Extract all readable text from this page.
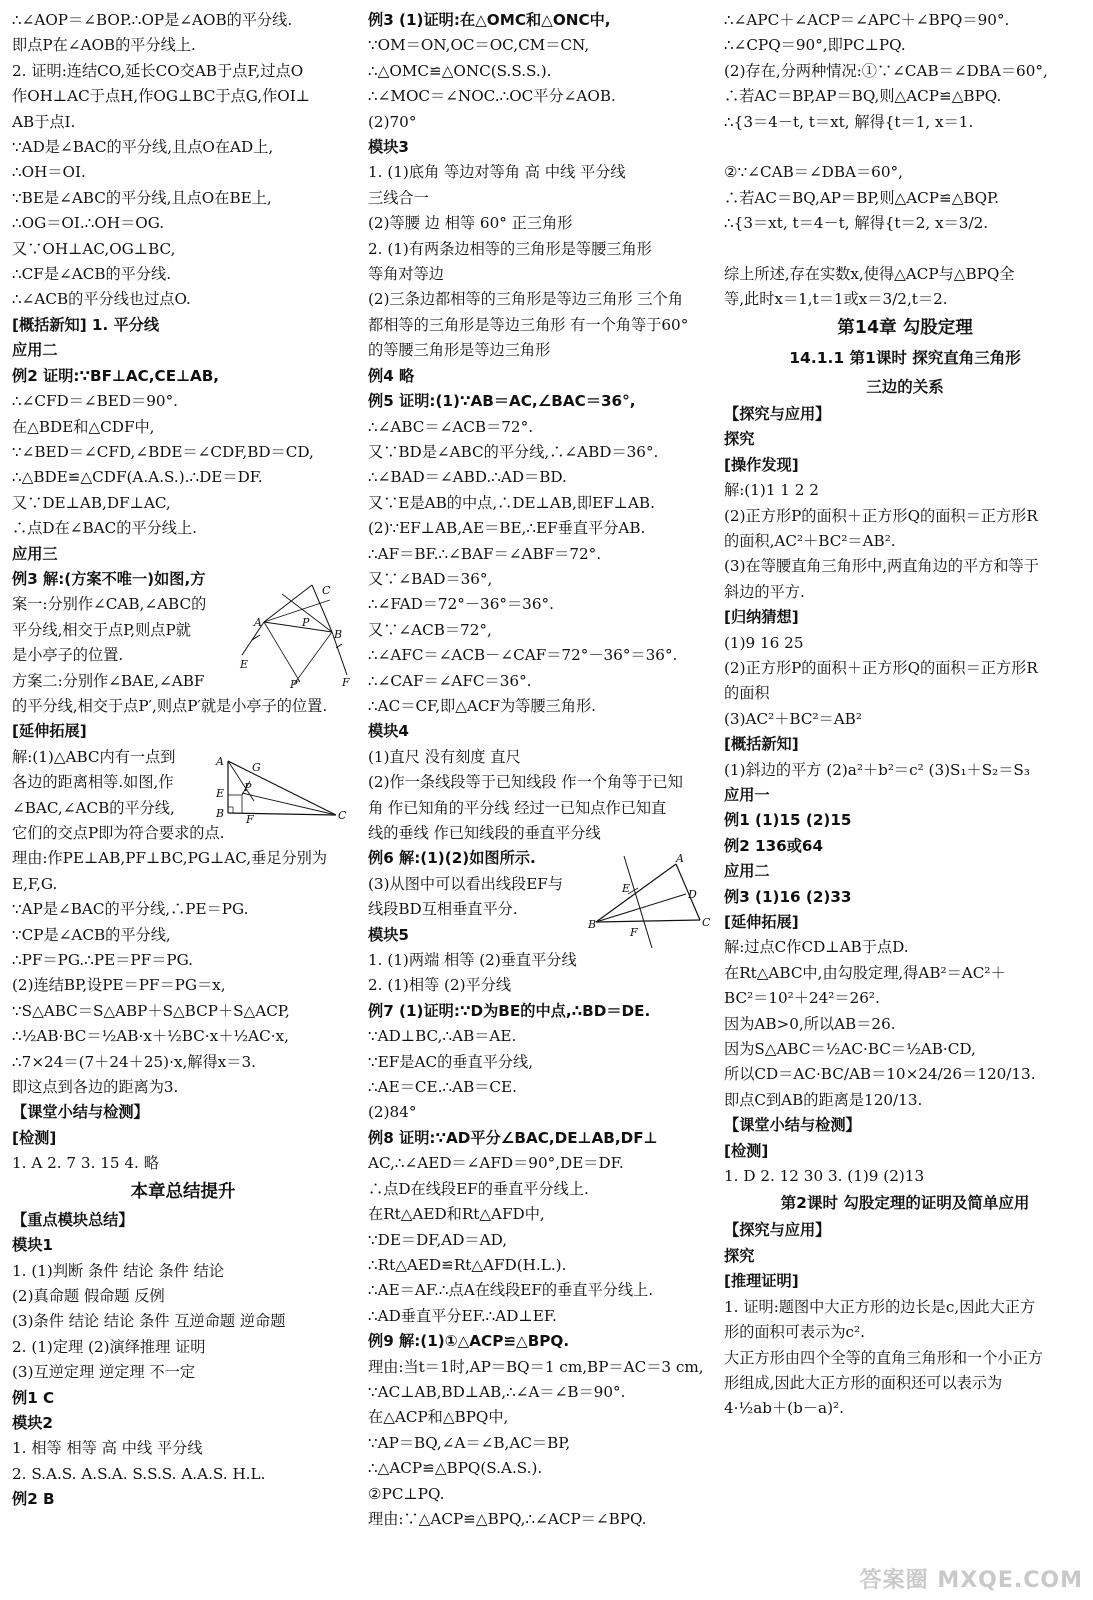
∴∠AOP＝∠BOP.∴OP是∠AOB的平分线.
即点P在∠AOB的平分线上.
2. 证明:连结CO,延长CO交AB于点F,过点O
作OH⊥AC于点H,作OG⊥BC于点G,作OI⊥
AB于点I.
∵AD是∠BAC的平分线,且点O在AD上,
∴OH＝OI.
∵BE是∠ABC的平分线,且点O在BE上,
∴OG＝OI.∴OH＝OG.
又∵OH⊥AC,OG⊥BC,
∴CF是∠ACB的平分线.
∴∠ACB的平分线也过点O.
[概括新知] 1. 平分线
应用二
例2 证明:∵BF⊥AC,CE⊥AB,
∴∠CFD＝∠BED＝90°.
在△BDE和△CDF中,
∵∠BED＝∠CFD,∠BDE＝∠CDF,BD＝CD,
∴△BDE≌△CDF(A.A.S.).∴DE＝DF.
又∵DE⊥AB,DF⊥AC,
∴点D在∠BAC的平分线上.
应用三
例3 解:(方案不唯一)如图,方
案一:分别作∠CAB,∠ABC的
平分线,相交于点P,则点P就
是小亭子的位置.
方案二:分别作∠BAE,∠ABF
的平分线,相交于点P′,则点P′就是小亭子的位置.
[延伸拓展]
解:(1)△ABC内有一点到
各边的距离相等.如图,作
∠BAC,∠ACB的平分线,
它们的交点P即为符合要求的点.
理由:作PE⊥AB,PF⊥BC,PG⊥AC,垂足分别为
E,F,G.
∵AP是∠BAC的平分线,∴PE＝PG.
∵CP是∠ACB的平分线,
∴PF＝PG.∴PE＝PF＝PG.
(2)连结BP,设PE＝PF＝PG＝x,
∵S△ABC＝S△ABP＋S△BCP＋S△ACP,
∴½AB·BC＝½AB·x＋½BC·x＋½AC·x,
∴7×24＝(7＋24＋25)·x,解得x＝3.
即这点到各边的距离为3.
【课堂小结与检测】
[检测]
1. A 2. 7 3. 15 4. 略
本章总结提升
【重点模块总结】
模块1
1. (1)判断 条件 结论 条件 结论
(2)真命题 假命题 反例
(3)条件 结论 结论 条件 互逆命题 逆命题
2. (1)定理 (2)演绎推理 证明
(3)互逆定理 逆定理 不一定
例1 C
模块2
1. 相等 相等 高 中线 平分线
2. S.A.S. A.S.A. S.S.S. A.A.S. H.L.
例2 B
例3 (1)证明:在△OMC和△ONC中,
∵OM＝ON,OC＝OC,CM＝CN,
∴△OMC≌△ONC(S.S.S.).
∴∠MOC＝∠NOC.∴OC平分∠AOB.
(2)70°
模块3
1. (1)底角 等边对等角 高 中线 平分线
三线合一
(2)等腰 边 相等 60° 正三角形
2. (1)有两条边相等的三角形是等腰三角形
等角对等边
(2)三条边都相等的三角形是等边三角形 三个角
都相等的三角形是等边三角形 有一个角等于60°
的等腰三角形是等边三角形
例4 略
例5 证明:(1)∵AB＝AC,∠BAC＝36°,
∴∠ABC＝∠ACB＝72°.
又∵BD是∠ABC的平分线,∴∠ABD＝36°.
∴∠BAD＝∠ABD.∴AD＝BD.
又∵E是AB的中点,∴DE⊥AB,即EF⊥AB.
(2)∵EF⊥AB,AE＝BE,∴EF垂直平分AB.
∴AF＝BF.∴∠BAF＝∠ABF＝72°.
又∵∠BAD＝36°,
∴∠FAD＝72°－36°＝36°.
又∵∠ACB＝72°,
∴∠AFC＝∠ACB－∠CAF＝72°－36°＝36°.
∴∠CAF＝∠AFC＝36°.
∴AC＝CF,即△ACF为等腰三角形.
模块4
(1)直尺 没有刻度 直尺
(2)作一条线段等于已知线段 作一个角等于已知
角 作已知角的平分线 经过一已知点作已知直
线的垂线 作已知线段的垂直平分线
例6 解:(1)(2)如图所示.
(3)从图中可以看出线段EF与
线段BD互相垂直平分.
模块5
1. (1)两端 相等 (2)垂直平分线
2. (1)相等 (2)平分线
例7 (1)证明:∵D为BE的中点,∴BD＝DE.
∵AD⊥BC,∴AB＝AE.
∵EF是AC的垂直平分线,
∴AE＝CE.∴AB＝CE.
(2)84°
例8 证明:∵AD平分∠BAC,DE⊥AB,DF⊥
AC,∴∠AED＝∠AFD＝90°,DE＝DF.
∴点D在线段EF的垂直平分线上.
在Rt△AED和Rt△AFD中,
∵DE＝DF,AD＝AD,
∴Rt△AED≌Rt△AFD(H.L.).
∴AE＝AF.∴点A在线段EF的垂直平分线上.
∴AD垂直平分EF.∴AD⊥EF.
例9 解:(1)①△ACP≌△BPQ.
理由:当t＝1时,AP＝BQ＝1 cm,BP＝AC＝3 cm,
∵AC⊥AB,BD⊥AB,∴∠A＝∠B＝90°.
在△ACP和△BPQ中,
∵AP＝BQ,∠A＝∠B,AC＝BP,
∴△ACP≌△BPQ(S.A.S.).
②PC⊥PQ.
理由:∵△ACP≌△BPQ,∴∠ACP＝∠BPQ.
∴∠APC＋∠ACP＝∠APC＋∠BPQ＝90°.
∴∠CPQ＝90°,即PC⊥PQ.
(2)存在,分两种情况:①∵∠CAB＝∠DBA＝60°,
∴若AC＝BP,AP＝BQ,则△ACP≌△BPQ.
∴{3＝4－t, t＝xt, 解得{t＝1, x＝1.

②∵∠CAB＝∠DBA＝60°,
∴若AC＝BQ,AP＝BP,则△ACP≌△BQP.
∴{3＝xt, t＝4－t, 解得{t＝2, x＝3/2.

综上所述,存在实数x,使得△ACP与△BPQ全
等,此时x＝1,t＝1或x＝3/2,t＝2.
第14章 勾股定理
14.1.1 第1课时 探究直角三角形
三边的关系
【探究与应用】
探究
[操作发现]
解:(1)1 1 2 2
(2)正方形P的面积＋正方形Q的面积＝正方形R
的面积,AC²＋BC²＝AB².
(3)在等腰直角三角形中,两直角边的平方和等于
斜边的平方.
[归纳猜想]
(1)9 16 25
(2)正方形P的面积＋正方形Q的面积＝正方形R
的面积
(3)AC²＋BC²＝AB²
[概括新知]
(1)斜边的平方 (2)a²＋b²＝c² (3)S₁＋S₂＝S₃
应用一
例1 (1)15 (2)15
例2 136或64
应用二
例3 (1)16 (2)33
[延伸拓展]
解:过点C作CD⊥AB于点D.
在Rt△ABC中,由勾股定理,得AB²＝AC²＋
BC²＝10²＋24²＝26².
因为AB>0,所以AB＝26.
因为S△ABC＝½AC·BC＝½AB·CD,
所以CD＝AC·BC/AB＝10×24/26＝120/13.
即点C到AB的距离是120/13.
【课堂小结与检测】
[检测]
1. D 2. 12 30 3. (1)9 (2)13
第2课时 勾股定理的证明及简单应用
【探究与应用】
探究
[推理证明]
1. 证明:题图中大正方形的边长是c,因此大正方
形的面积可表示为c².
大正方形由四个全等的直角三角形和一个小正方
形组成,因此大正方形的面积还可以表示为
4·½ab＋(b－a)².
C
A
B
P
E
F
P′
A	G
E
B F	C
P
A
B	C
D
E
F
答案圈 MXQE.COM
